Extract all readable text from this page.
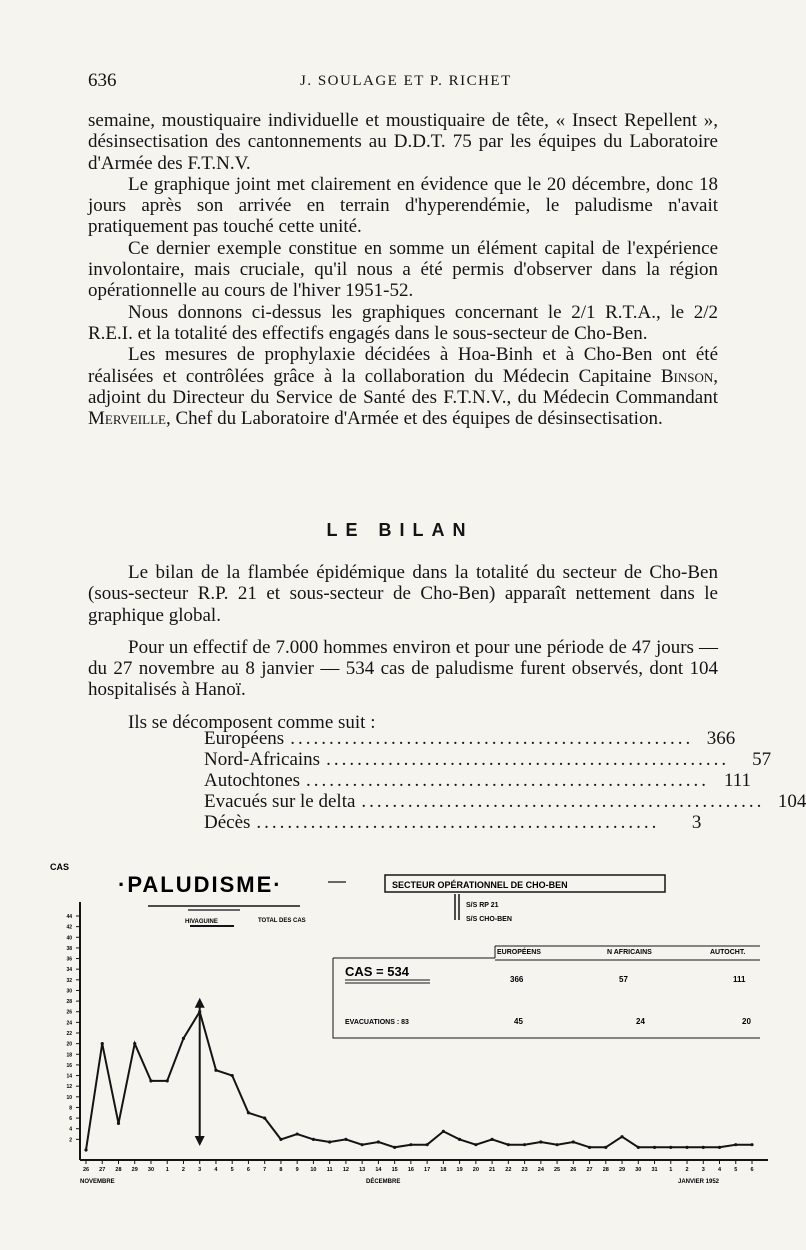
636	J. SOULAGE ET P. RICHET

semaine, moustiquaire individuelle et moustiquaire de tête, « Insect Repellent », désinsectisation des cantonnements au D.D.T. 75 par les équipes du Laboratoire d'Armée des F.T.N.V.

Le graphique joint met clairement en évidence que le 20 décembre, donc 18 jours après son arrivée en terrain d'hyperendémie, le paludisme n'avait pratiquement pas touché cette unité.

Ce dernier exemple constitue en somme un élément capital de l'expérience involontaire, mais cruciale, qu'il nous a été permis d'observer dans la région opérationnelle au cours de l'hiver 1951-52.

Nous donnons ci-dessus les graphiques concernant le 2/1 R.T.A., le 2/2 R.E.I. et la totalité des effectifs engagés dans le sous-secteur de Cho-Ben.

Les mesures de prophylaxie décidées à Hoa-Binh et à Cho-Ben ont été réalisées et contrôlées grâce à la collaboration du Médecin Capitaine Binson, adjoint du Directeur du Service de Santé des F.T.N.V., du Médecin Commandant Merveille, Chef du Laboratoire d'Armée et des équipes de désinsectisation.

LE BILAN

Le bilan de la flambée épidémique dans la totalité du secteur de Cho-Ben (sous-secteur R.P. 21 et sous-secteur de Cho-Ben) apparaît nettement dans le graphique global.

Pour un effectif de 7.000 hommes environ et pour une période de 47 jours — du 27 novembre au 8 janvier — 534 cas de paludisme furent observés, dont 104 hospitalisés à Hanoï.

Ils se décomposent comme suit :

Européens .................................................... 366
Nord-Africains ....................................................	57
Autochtones .................................................... 111
Evacués sur le delta .................................................... 104
Décès ....................................................	3
CAS
·PALUDISME·
HIVAGUINE	TOTAL DES CAS
SECTEUR OPÉRATIONNEL DE CHO-BEN
S/S RP 21
S/S CHO-BEN
CAS = 534
EUROPÉENS	N AFRICAINS	AUTOCHT.
366	57	111
EVACUATIONS : 83	45	24	20
2
4
6
8
10
12
14
16
18
20
22
24
26
28
30
32
34
36
38
40
42
44
26 27 28 29 30 1 2 3 4 5 6 7 8 9 10 11 12 13 14 15 16 17 18 19 20 21 22 23 24 25 26 27 28 29 30 31 1 2 3 4 5 6
NOVEMBRE	DÉCEMBRE	JANVIER 1952
